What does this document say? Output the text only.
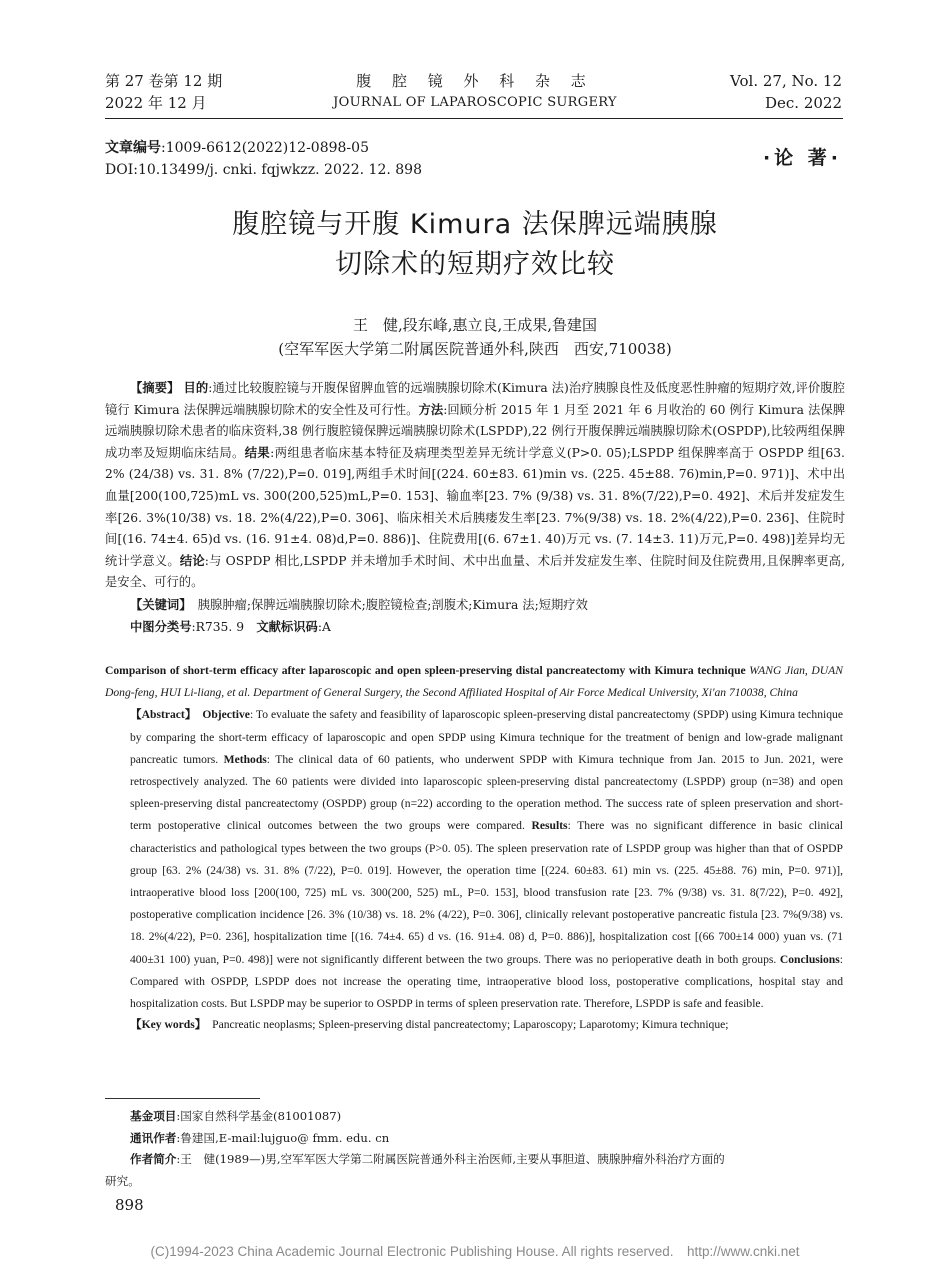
第 27 卷第 12 期
2022 年 12 月
腹 腔 镜 外 科 杂 志
JOURNAL OF LAPAROSCOPIC SURGERY
Vol. 27, No. 12
Dec. 2022
文章编号:1009-6612(2022)12-0898-05
DOI:10.13499/j. cnki. fqjwkzz. 2022. 12. 898
·论 著·
腹腔镜与开腹 Kimura 法保脾远端胰腺
切除术的短期疗效比较
王　健,段东峰,惠立良,王成果,鲁建国
(空军军医大学第二附属医院普通外科,陕西　西安,710038)
【摘要】 目的:通过比较腹腔镜与开腹保留脾血管的远端胰腺切除术(Kimura 法)治疗胰腺良性及低度恶性肿瘤的短期疗效,评价腹腔镜行 Kimura 法保脾远端胰腺切除术的安全性及可行性。方法:回顾分析 2015 年 1 月至 2021 年 6 月收治的 60 例行 Kimura 法保脾远端胰腺切除术患者的临床资料,38 例行腹腔镜保脾远端胰腺切除术(LSPDP),22 例行开腹保脾远端胰腺切除术(OSPDP),比较两组保脾成功率及短期临床结局。结果:两组患者临床基本特征及病理类型差异无统计学意义(P>0. 05);LSPDP 组保脾率高于 OSPDP 组[63. 2% (24/38) vs. 31. 8% (7/22),P=0. 019],两组手术时间[(224. 60±83. 61)min vs. (225. 45±88. 76)min,P=0. 971)]、术中出血量[200(100,725)mL vs. 300(200,525)mL,P=0. 153]、输血率[23. 7% (9/38) vs. 31. 8%(7/22),P=0. 492]、术后并发症发生率[26. 3%(10/38) vs. 18. 2%(4/22),P=0. 306]、临床相关术后胰瘘发生率[23. 7%(9/38) vs. 18. 2%(4/22),P=0. 236]、住院时间[(16. 74±4. 65)d vs. (16. 91±4. 08)d,P=0. 886)]、住院费用[(6. 67±1. 40)万元 vs. (7. 14±3. 11)万元,P=0. 498)]差异均无统计学意义。结论:与 OSPDP 相比,LSPDP 并未增加手术时间、术中出血量、术后并发症发生率、住院时间及住院费用,且保脾率更高,是安全、可行的。
【关键词】　胰腺肿瘤;保脾远端胰腺切除术;腹腔镜检查;剖腹术;Kimura 法;短期疗效
中图分类号:R735. 9　文献标识码:A
Comparison of short-term efficacy after laparoscopic and open spleen-preserving distal pancreatectomy with Kimura technique WANG Jian, DUAN Dong-feng, HUI Li-liang, et al. Department of General Surgery, the Second Affiliated Hospital of Air Force Medical University, Xi'an 710038, China
【Abstract】　 Objective: To evaluate the safety and feasibility of laparoscopic spleen-preserving distal pancreatectomy (SPDP) using Kimura technique by comparing the short-term efficacy of laparoscopic and open SPDP using Kimura technique for the treatment of benign and low-grade malignant pancreatic tumors. Methods: The clinical data of 60 patients, who underwent SPDP with Kimura technique from Jan. 2015 to Jun. 2021, were retrospectively analyzed. The 60 patients were divided into laparoscopic spleen-preserving distal pancreatectomy (LSPDP) group (n=38) and open spleen-preserving distal pancreatectomy (OSPDP) group (n=22) according to the operation method. The success rate of spleen preservation and short-term postoperative clinical outcomes between the two groups were compared. Results: There was no significant difference in basic clinical characteristics and pathological types between the two groups (P>0. 05). The spleen preservation rate of LSPDP group was higher than that of OSPDP group [63. 2% (24/38) vs. 31. 8% (7/22), P=0. 019]. However, the operation time [(224. 60±83. 61) min vs. (225. 45±88. 76) min, P=0. 971)], intraoperative blood loss [200(100, 725) mL vs. 300(200, 525) mL, P=0. 153], blood transfusion rate [23. 7% (9/38) vs. 31. 8(7/22), P=0. 492], postoperative complication incidence [26. 3% (10/38) vs. 18. 2% (4/22), P=0. 306], clinically relevant postoperative pancreatic fistula [23. 7%(9/38) vs. 18. 2%(4/22), P=0. 236], hospitalization time [(16. 74±4. 65) d vs. (16. 91±4. 08) d, P=0. 886)], hospitalization cost [(66 700±14 000) yuan vs. (71 400±31 100) yuan, P=0. 498)] were not significantly different between the two groups. There was no perioperative death in both groups. Conclusions: Compared with OSPDP, LSPDP does not increase the operating time, intraoperative blood loss, postoperative complications, hospital stay and hospitalization costs. But LSPDP may be superior to OSPDP in terms of spleen preservation rate. Therefore, LSPDP is safe and feasible.
【Key words】　Pancreatic neoplasms; Spleen-preserving distal pancreatectomy; Laparoscopy; Laparotomy; Kimura technique;
基金项目:国家自然科学基金(81001087)
通讯作者:鲁建国,E-mail:lujguo@ fmm. edu. cn
作者简介:王　健(1989—)男,空军军医大学第二附属医院普通外科主治医师,主要从事胆道、胰腺肿瘤外科治疗方面的
研究。
898
(C)1994-2023 China Academic Journal Electronic Publishing House. All rights reserved.　http://www.cnki.net
